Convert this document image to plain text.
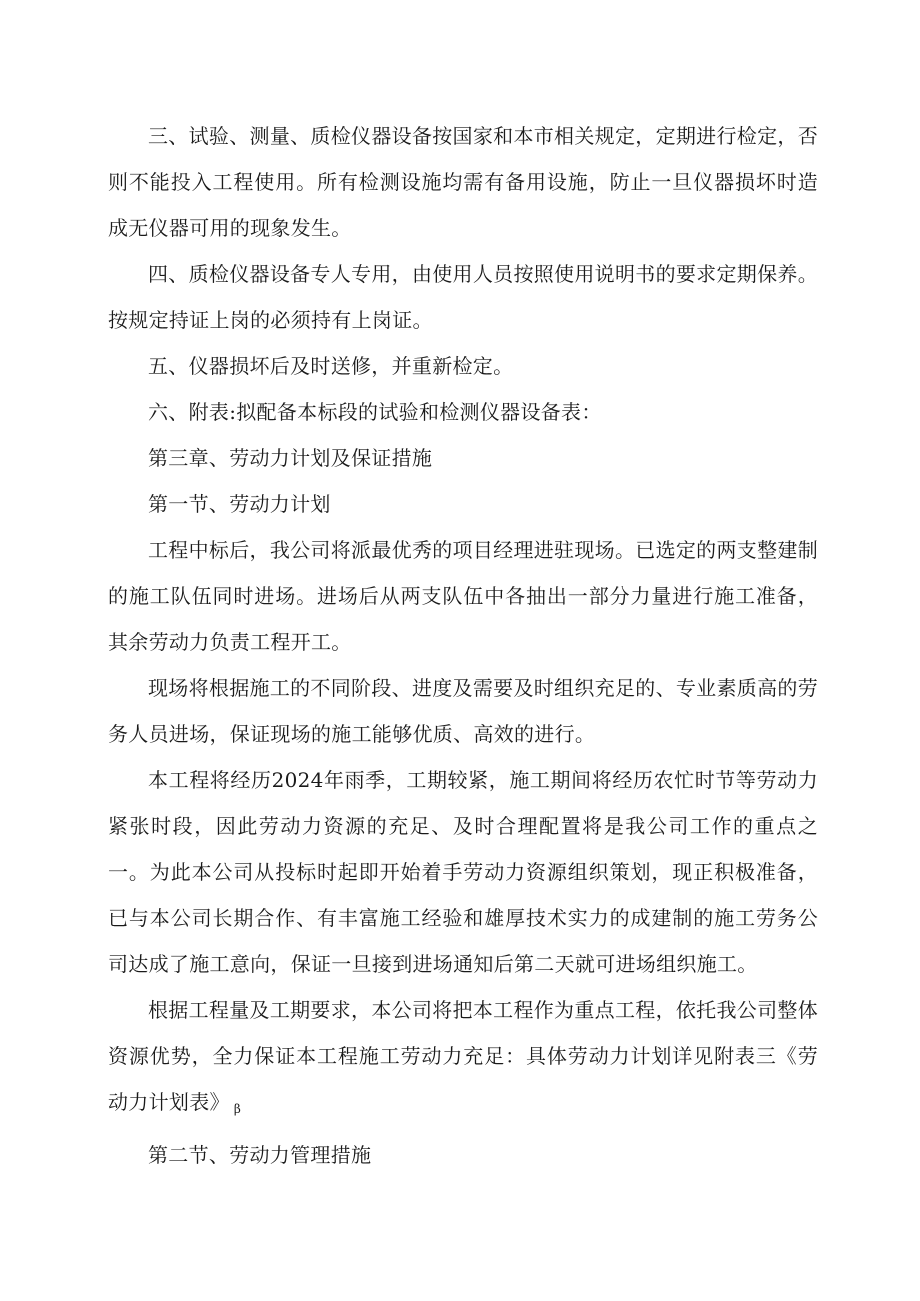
三、试验、测量、质检仪器设备按国家和本市相关规定，定期进行检定，否则不能投入工程使用。所有检测设施均需有备用设施，防止一旦仪器损坏时造成无仪器可用的现象发生。

四、质检仪器设备专人专用，由使用人员按照使用说明书的要求定期保养。按规定持证上岗的必须持有上岗证。

五、仪器损坏后及时送修，并重新检定。

六、附表:拟配备本标段的试验和检测仪器设备表：

第三章、劳动力计划及保证措施

第一节、劳动力计划

工程中标后，我公司将派最优秀的项目经理进驻现场。已选定的两支整建制的施工队伍同时进场。进场后从两支队伍中各抽出一部分力量进行施工准备，其余劳动力负责工程开工。

现场将根据施工的不同阶段、进度及需要及时组织充足的、专业素质高的劳务人员进场，保证现场的施工能够优质、高效的进行。

本工程将经历2024年雨季，工期较紧，施工期间将经历农忙时节等劳动力紧张时段，因此劳动力资源的充足、及时合理配置将是我公司工作的重点之一。为此本公司从投标时起即开始着手劳动力资源组织策划，现正积极准备，已与本公司长期合作、有丰富施工经验和雄厚技术实力的成建制的施工劳务公司达成了施工意向，保证一旦接到进场通知后第二天就可进场组织施工。

根据工程量及工期要求，本公司将把本工程作为重点工程，依托我公司整体资源优势，全力保证本工程施工劳动力充足：具体劳动力计划详见附表三《劳动力计划表》 $_\beta$

第二节、劳动力管理措施
